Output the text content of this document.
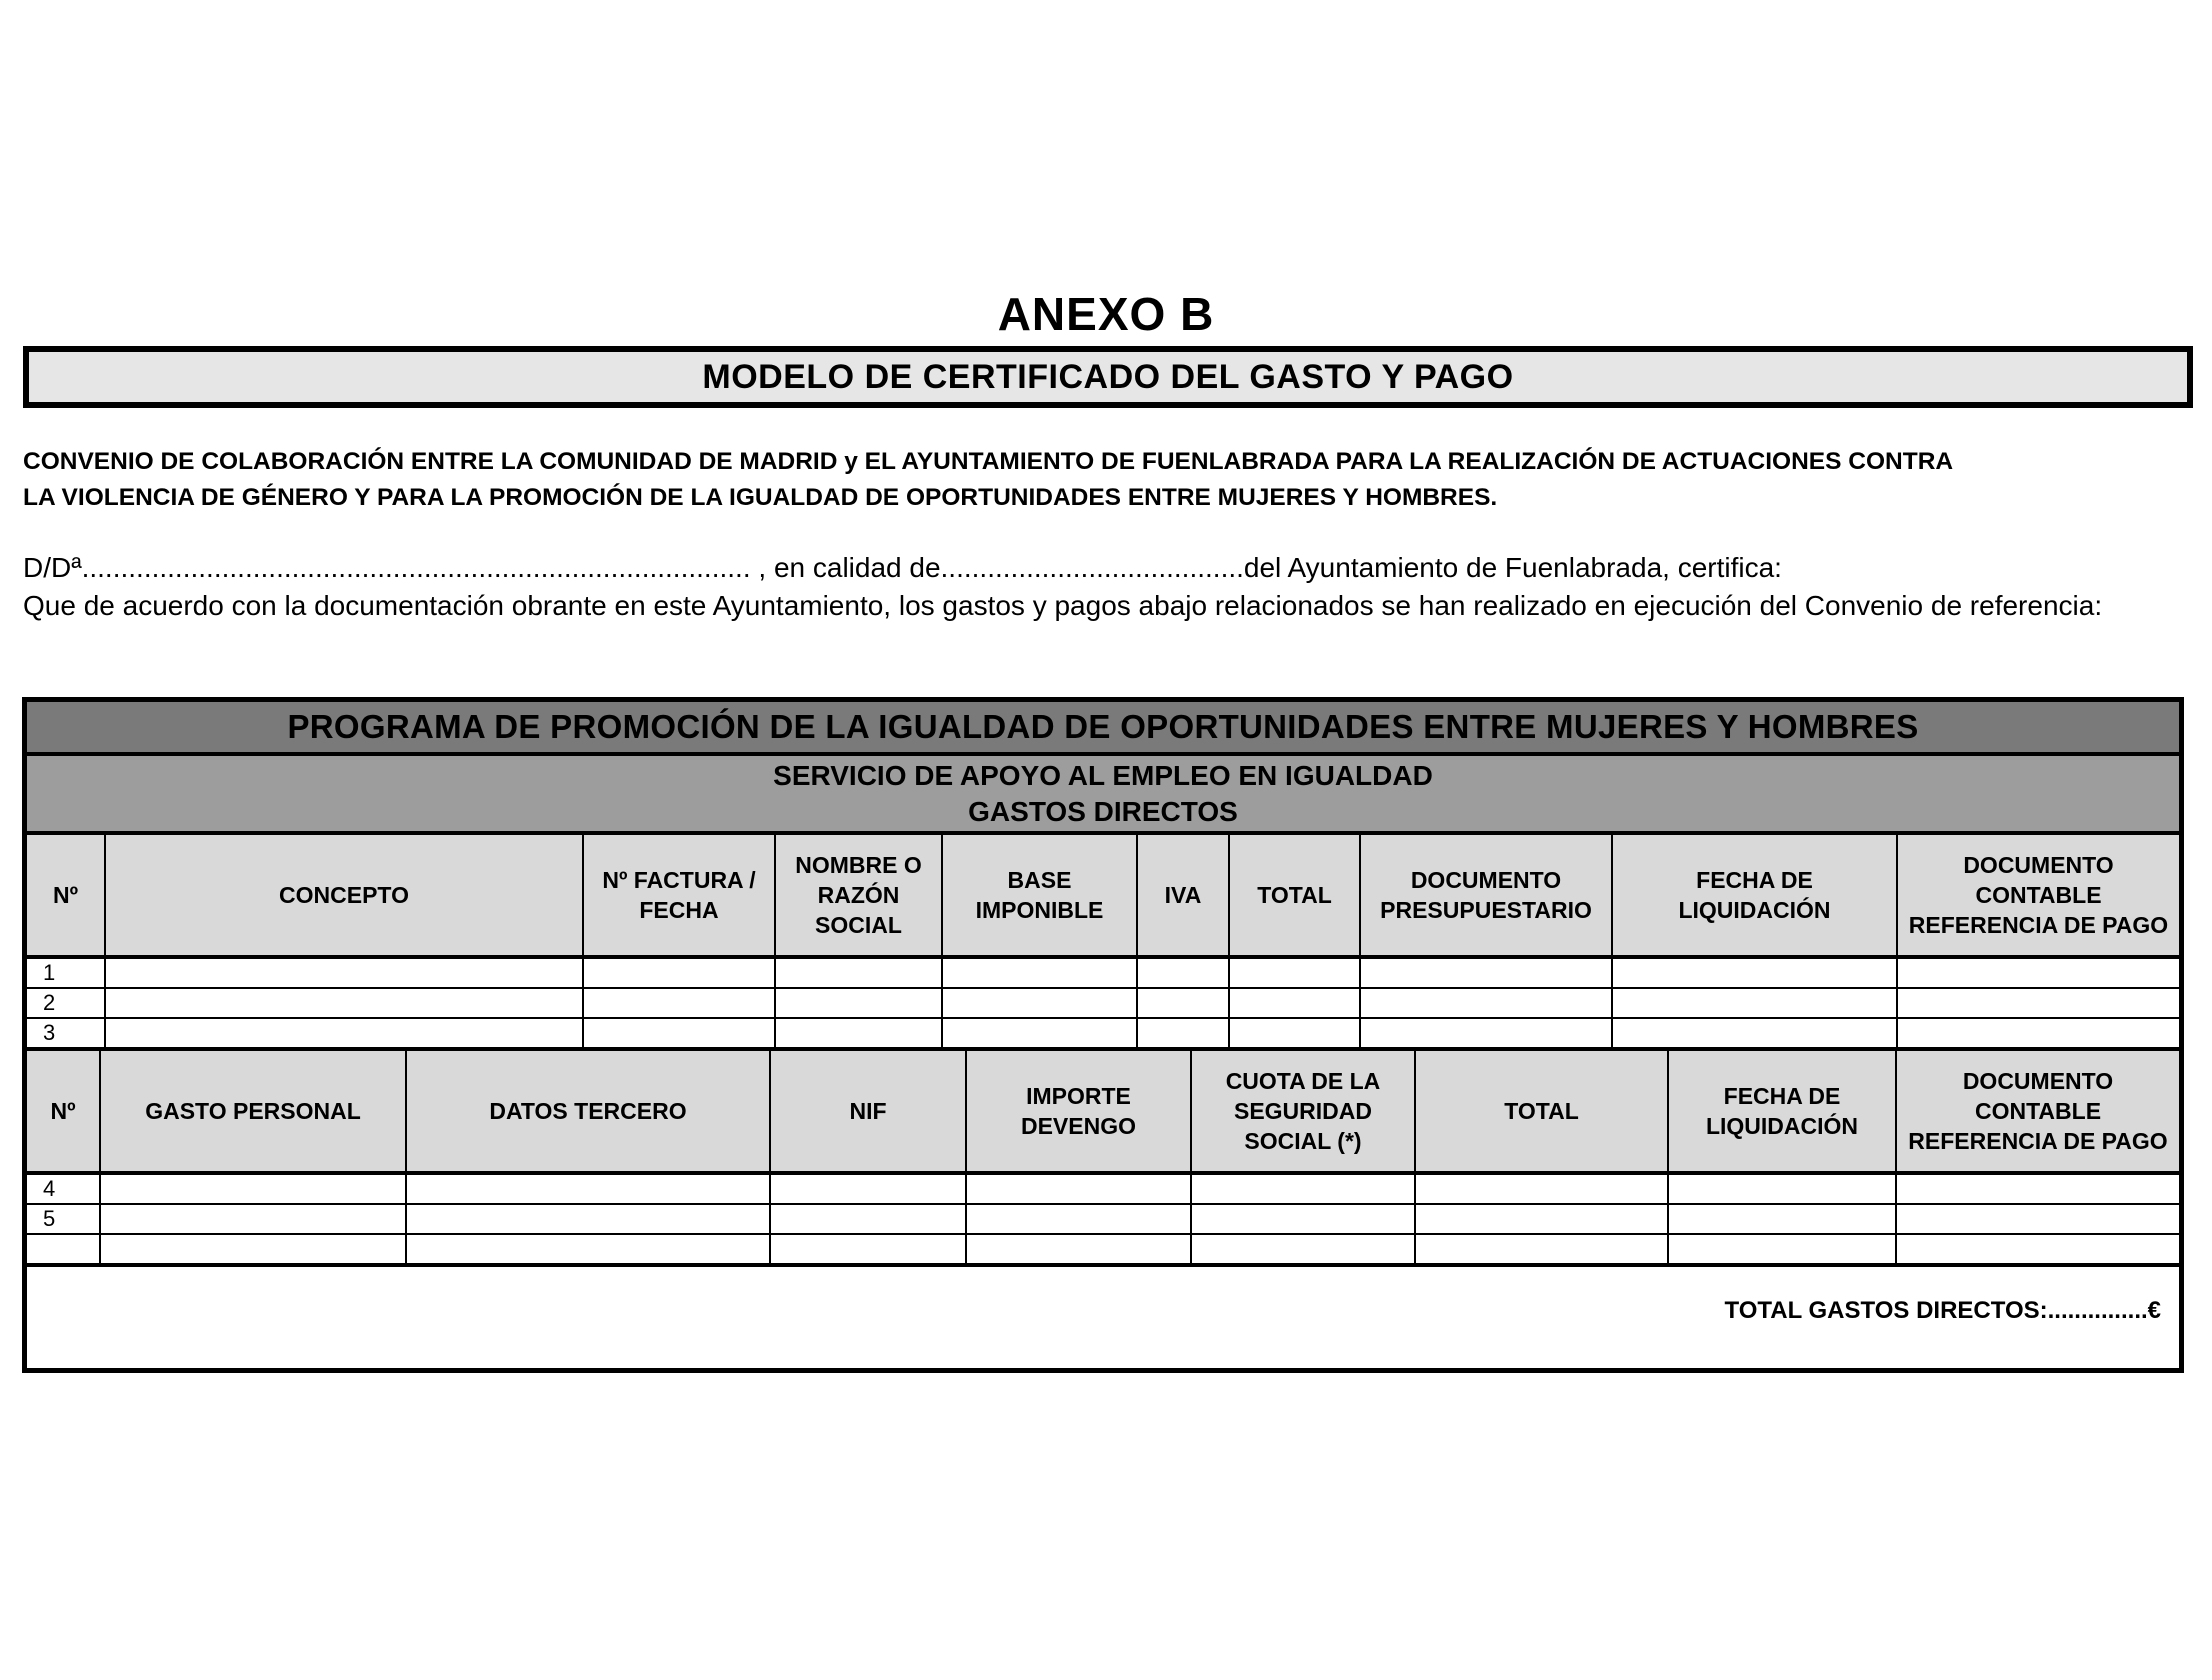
ANEXO B
MODELO DE CERTIFICADO DEL GASTO Y PAGO
CONVENIO DE COLABORACIÓN ENTRE LA COMUNIDAD DE MADRID y EL AYUNTAMIENTO DE FUENLABRADA PARA LA REALIZACIÓN DE ACTUACIONES CONTRA
LA VIOLENCIA DE GÉNERO Y PARA LA PROMOCIÓN DE LA IGUALDAD DE OPORTUNIDADES ENTRE MUJERES Y HOMBRES.
D/Dª...................................................................................... , en calidad de.......................................del Ayuntamiento de Fuenlabrada, certifica:
Que de acuerdo con la documentación obrante en este Ayuntamiento, los gastos y pagos abajo relacionados se han realizado en ejecución del Convenio de referencia:
PROGRAMA DE PROMOCIÓN DE LA IGUALDAD DE OPORTUNIDADES ENTRE MUJERES Y HOMBRES
SERVICIO DE APOYO AL EMPLEO EN IGUALDAD
GASTOS DIRECTOS
Nº	CONCEPTO	Nº FACTURA / FECHA	NOMBRE O RAZÓN SOCIAL	BASE IMPONIBLE	IVA	TOTAL	DOCUMENTO PRESUPUESTARIO	FECHA DE LIQUIDACIÓN	DOCUMENTO CONTABLE REFERENCIA DE PAGO
1									
2									
3									
Nº	GASTO PERSONAL	DATOS TERCERO	NIF	IMPORTE DEVENGO	CUOTA DE LA SEGURIDAD SOCIAL (*)	TOTAL	FECHA DE LIQUIDACIÓN	DOCUMENTO CONTABLE REFERENCIA DE PAGO
4								
5								

TOTAL GASTOS DIRECTOS:...............€
